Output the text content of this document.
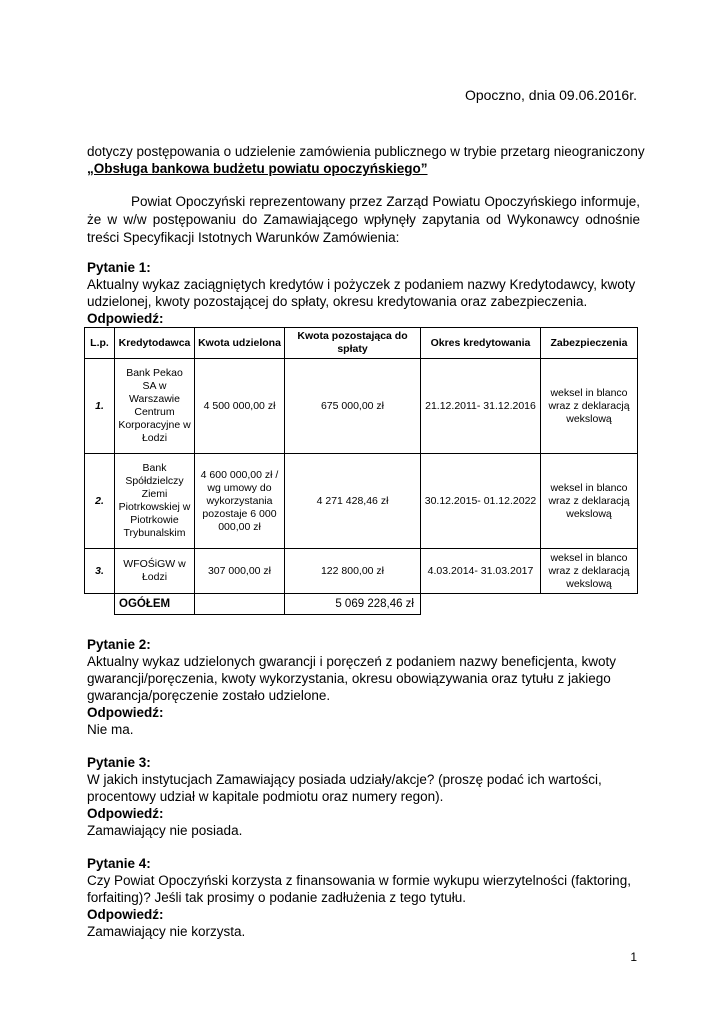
Opoczno, dnia 09.06.2016r.
dotyczy postępowania o udzielenie zamówienia publicznego w trybie przetarg nieograniczony
„Obsługa bankowa budżetu powiatu opoczyńskiego”
Powiat Opoczyński reprezentowany przez Zarząd Powiatu Opoczyńskiego informuje, że w w/w postępowaniu do Zamawiającego wpłynęły zapytania od Wykonawcy odnośnie treści Specyfikacji Istotnych Warunków Zamówienia:
Pytanie 1:
Aktualny wykaz zaciągniętych kredytów i pożyczek z podaniem nazwy Kredytodawcy, kwoty udzielonej, kwoty pozostającej do spłaty, okresu kredytowania oraz zabezpieczenia.
Odpowiedź:
L.p.	Kredytodawca	Kwota udzielona	Kwota pozostająca do spłaty	Okres kredytowania	Zabezpieczenia
1.	Bank Pekao SA w Warszawie Centrum Korporacyjne w Łodzi	4 500 000,00 zł	675 000,00 zł	21.12.2011- 31.12.2016	weksel in blanco wraz z deklaracją wekslową
2.	Bank Spółdzielczy Ziemi Piotrkowskiej w Piotrkowie Trybunalskim	4 600 000,00 zł / wg umowy do wykorzystania pozostaje 6 000 000,00 zł	4 271 428,46 zł	30.12.2015- 01.12.2022	weksel in blanco wraz z deklaracją wekslową
3.	WFOŚiGW w Łodzi	307 000,00 zł	122 800,00 zł	4.03.2014- 31.03.2017	weksel in blanco wraz z deklaracją wekslową
	OGÓŁEM		5 069 228,46 zł		
Pytanie 2:
Aktualny wykaz udzielonych gwarancji i poręczeń z podaniem nazwy beneficjenta, kwoty gwarancji/poręczenia, kwoty wykorzystania, okresu obowiązywania oraz tytułu z jakiego gwarancja/poręczenie zostało udzielone.
Odpowiedź:
Nie ma.
Pytanie 3:
W jakich instytucjach Zamawiający posiada udziały/akcje? (proszę podać ich wartości, procentowy udział w kapitale podmiotu oraz numery regon).
Odpowiedź:
Zamawiający nie posiada.
Pytanie 4:
Czy Powiat Opoczyński korzysta z finansowania w formie wykupu wierzytelności (faktoring, forfaiting)? Jeśli tak prosimy o podanie zadłużenia z tego tytułu.
Odpowiedź:
Zamawiający nie korzysta.
1
